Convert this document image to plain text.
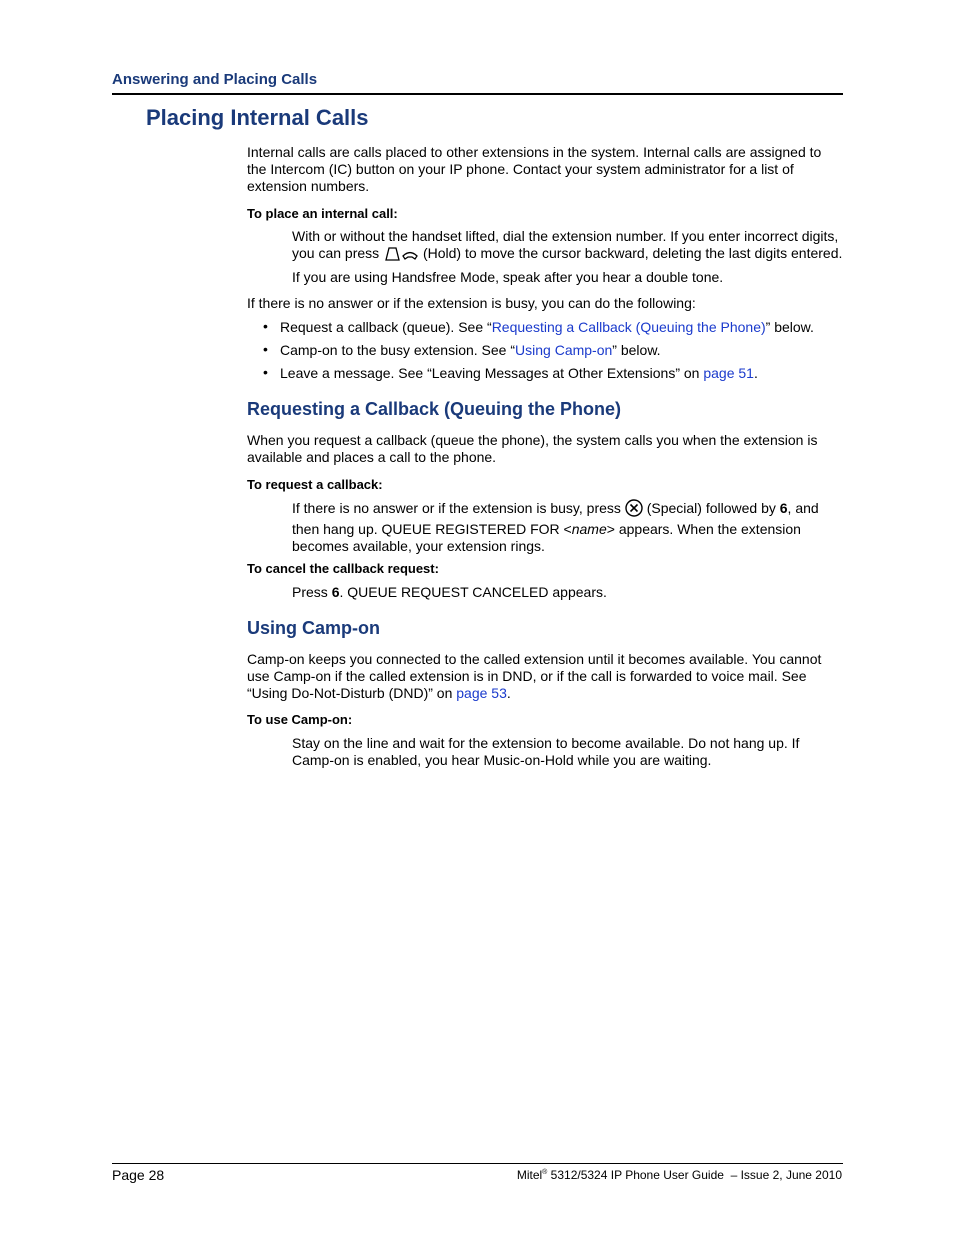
Answering and Placing Calls
Placing Internal Calls
Internal calls are calls placed to other extensions in the system. Internal calls are assigned to
the Intercom (IC) button on your IP phone. Contact your system administrator for a list of
extension numbers.
To place an internal call:
With or without the handset lifted, dial the extension number. If you enter incorrect digits,
you can press	(Hold) to move the cursor backward, deleting the last digits entered.
If you are using Handsfree Mode, speak after you hear a double tone.
If there is no answer or if the extension is busy, you can do the following:
• Request a callback (queue). See “Requesting a Callback (Queuing the Phone)” below.
• Camp-on to the busy extension. See “Using Camp-on” below.
• Leave a message. See “Leaving Messages at Other Extensions” on page 51.
Requesting a Callback (Queuing the Phone)
When you request a callback (queue the phone), the system calls you when the extension is
available and places a call to the phone.
To request a callback:
If there is no answer or if the extension is busy, press (Special) followed by 6, and
then hang up. QUEUE REGISTERED FOR <name> appears. When the extension
becomes available, your extension rings.
To cancel the callback request:
Press 6. QUEUE REQUEST CANCELED appears.
Using Camp-on
Camp-on keeps you connected to the called extension until it becomes available. You cannot
use Camp-on if the called extension is in DND, or if the call is forwarded to voice mail. See
“Using Do-Not-Disturb (DND)” on page 53.
To use Camp-on:
Stay on the line and wait for the extension to become available. Do not hang up. If
Camp-on is enabled, you hear Music-on-Hold while you are waiting.
Page 28	Mitel® 5312/5324 IP Phone User Guide  – Issue 2, June 2010
